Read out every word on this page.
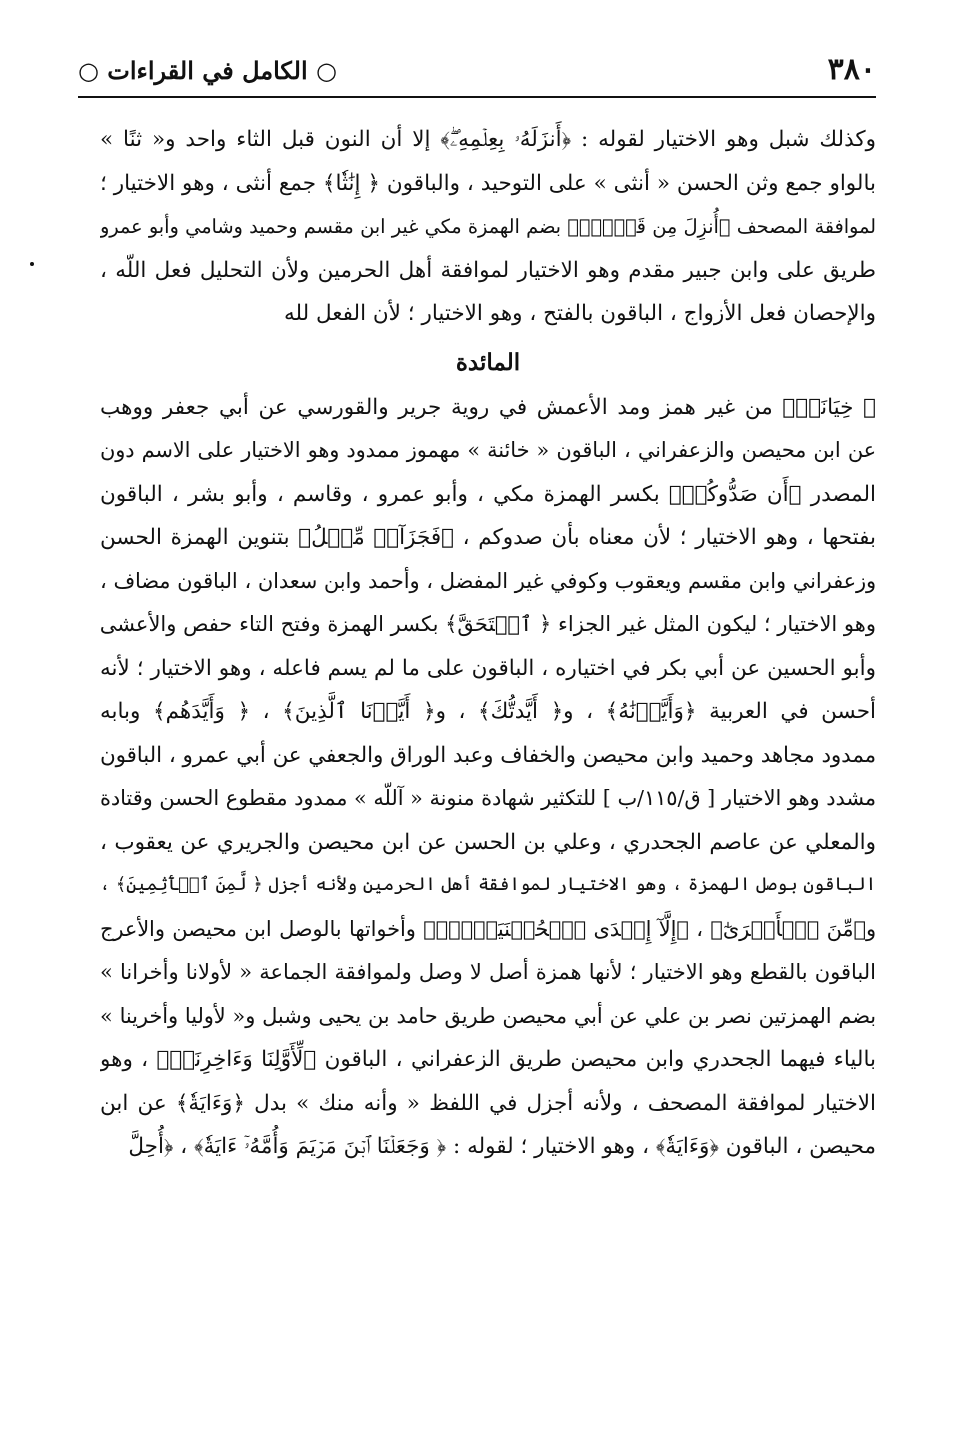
٣٨٠
○ الكامل في القراءات ○

وكذلك شبل وهو الاختيار لقوله : ﴿أَنزَلَهُۥ بِعِلۡمِهِۦۖ﴾ إلا أن النون قبل الثاء واحد و« ثنًا »
بالواو جمع وثن الحسن « أنثى » على التوحيد ، والباقون ﴿ إِنَٰثٗا﴾ جمع أنثى ، وهو الاختيار ؛
لموافقة المصحف ﴿أُنزِلَ مِن قَبۡلُۚ﴾ بضم الهمزة مكي غير ابن مقسم وحميد وشامي وأبو عمرو
طريق على وابن جبير مقدم وهو الاختيار لموافقة أهل الحرمين ولأن التحليل فعل اللّه ،
والإحصان فعل الأزواج ، الباقون بالفتح ، وهو الاختيار ؛ لأن الفعل لله

المائدة

﴿ خِيَانَةٖ﴾ من غير همز ومد الأعمش في روية جرير والقورسي عن أبي جعفر ووهب
عن ابن محيصن والزعفراني ، الباقون « خائنة » مهموز ممدود وهو الاختيار على الاسم دون
المصدر ﴿أَن صَدُّوكُمۡ﴾ بكسر الهمزة مكي ، وأبو عمرو ، وقاسم ، وأبو بشر ، الباقون
بفتحها ، وهو الاختيار ؛ لأن معناه بأن صدوكم ، ﴿فَجَزَآءٞ مِّثۡلُ﴾ بتنوين الهمزة الحسن
وزعفراني وابن مقسم ويعقوب وكوفي غير المفضل ، وأحمد وابن سعدان ، الباقون مضاف ،
وهو الاختيار ؛ ليكون المثل غير الجزاء ﴿ ٱسۡتَحَقَّ﴾ بكسر الهمزة وفتح التاء حفص والأعشى
وأبو الحسين عن أبي بكر في اختياره ، الباقون على ما لم يسم فاعله ، وهو الاختيار ؛ لأنه
أحسن في العربية ﴿وَأَيَّدۡنَٰهُ﴾ ، و﴿ أَيَّدتُّكَ﴾ ، و﴿ أَيَّدۡنَا ٱلَّذِينَ﴾ ، ﴿ وَأَيَّدَهُم﴾ وبابه
ممدود مجاهد وحميد وابن محيصن والخفاف وعبد الوراق والجعفي عن أبي عمرو ، الباقون
مشدد وهو الاختيار [ ق/١١٥/ب ] للتكثير شهادة منونة « آللّه » ممدود مقطوع الحسن وقتادة
والمعلي عن عاصم الجحدري ، وعلي بن الحسن عن ابن محيصن والجريري عن يعقوب ،
الباقون بوصل الهمزة ، وهو الاختيار لموافقة أهل الحرمين ولأنه أجزل ﴿ لَّمِنَ ٱلۡأٓثِمِينَ﴾ ،
و﴿مِّنَ ٱلۡأَسۡرَىٰٓ﴾ ، ﴿إِلَّآ إِحۡدَى ٱلۡحُسۡنَيَيۡنِۖ﴾ وأخواتها بالوصل ابن محيصن والأعرج
الباقون بالقطع وهو الاختيار ؛ لأنها همزة أصل لا وصل ولموافقة الجماعة « لأولانا وأخرانا »
بضم الهمزتين نصر بن علي عن أبي محيصن طريق حامد بن يحيى وشبل و« لأوليا وأخرينا »
بالياء فيهما الجحدري وابن محيصن طريق الزعفراني ، الباقون ﴿لِّأَوَّلِنَا وَءَاخِرِنَاۖ﴾ ، وهو
الاختيار لموافقة المصحف ، ولأنه أجزل في اللفظ « وأنه منك » بدل ﴿وَءَايَةٗ﴾ عن ابن
محيصن ، الباقون ﴿وَءَايَةٗ﴾ ، وهو الاختيار ؛ لقوله : ﴿ وَجَعَلۡنَا ٱبۡنَ مَرۡيَمَ وَأُمَّهُۥٓ ءَايَةٗ﴾ ، ﴿أُحِلَّ
